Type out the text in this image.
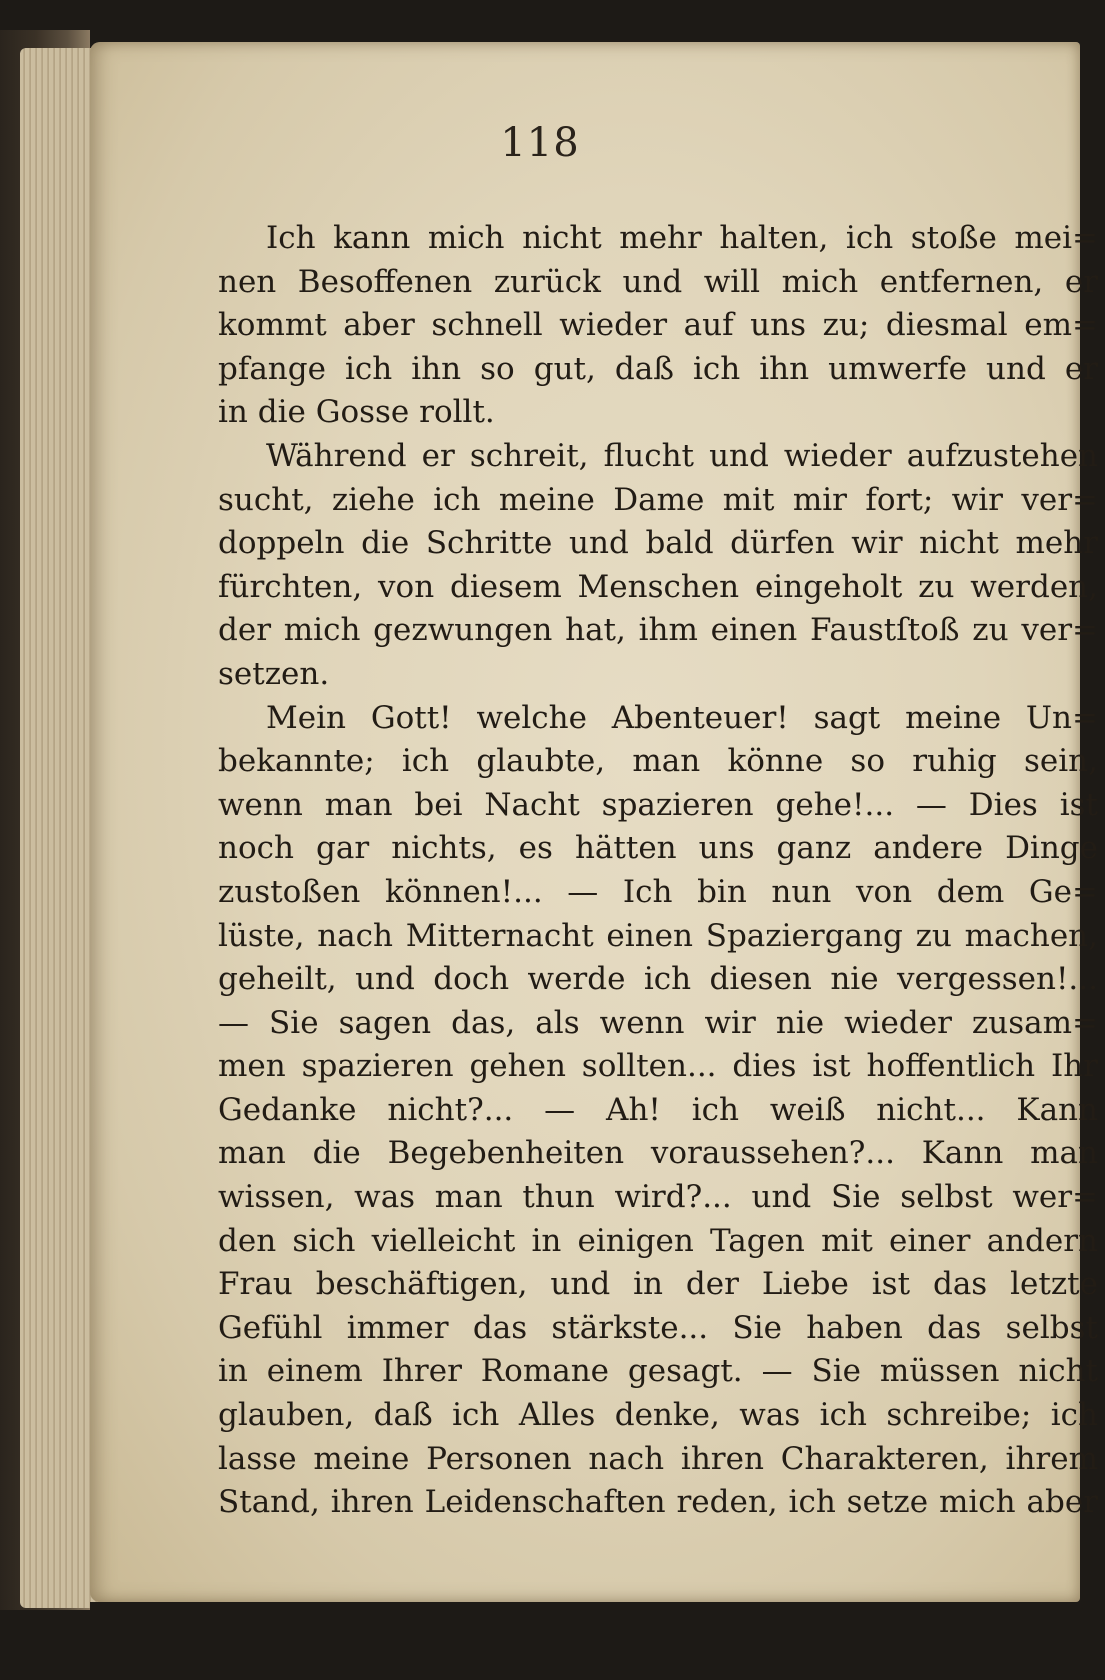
118
Ich kann mich nicht mehr halten, ich stoße mei=
nen Besoffenen zurück und will mich entfernen, er
kommt aber schnell wieder auf uns zu; diesmal em=
pfange ich ihn so gut, daß ich ihn umwerfe und er
in die Gosse rollt.
Während er schreit, flucht und wieder aufzustehen
sucht, ziehe ich meine Dame mit mir fort; wir ver=
doppeln die Schritte und bald dürfen wir nicht mehr
fürchten, von diesem Menschen eingeholt zu werden,
der mich gezwungen hat, ihm einen Faustſtoß zu ver=
setzen.
Mein Gott! welche Abenteuer! sagt meine Un=
bekannte; ich glaubte, man könne so ruhig sein,
wenn man bei Nacht spazieren gehe!... — Dies ist
noch gar nichts, es hätten uns ganz andere Dinge
zustoßen können!... — Ich bin nun von dem Ge=
lüste, nach Mitternacht einen Spaziergang zu machen,
geheilt, und doch werde ich diesen nie vergessen!...
— Sie sagen das, als wenn wir nie wieder zusam=
men spazieren gehen sollten... dies ist hoffentlich Ihr
Gedanke nicht?... — Ah! ich weiß nicht... Kann
man die Begebenheiten voraussehen?... Kann man
wissen, was man thun wird?... und Sie selbst wer=
den sich vielleicht in einigen Tagen mit einer andern
Frau beschäftigen, und in der Liebe ist das letzte
Gefühl immer das stärkste... Sie haben das selbst
in einem Ihrer Romane gesagt. — Sie müssen nicht
glauben, daß ich Alles denke, was ich schreibe; ich
lasse meine Personen nach ihren Charakteren, ihrem
Stand, ihren Leidenschaften reden, ich setze mich aber
